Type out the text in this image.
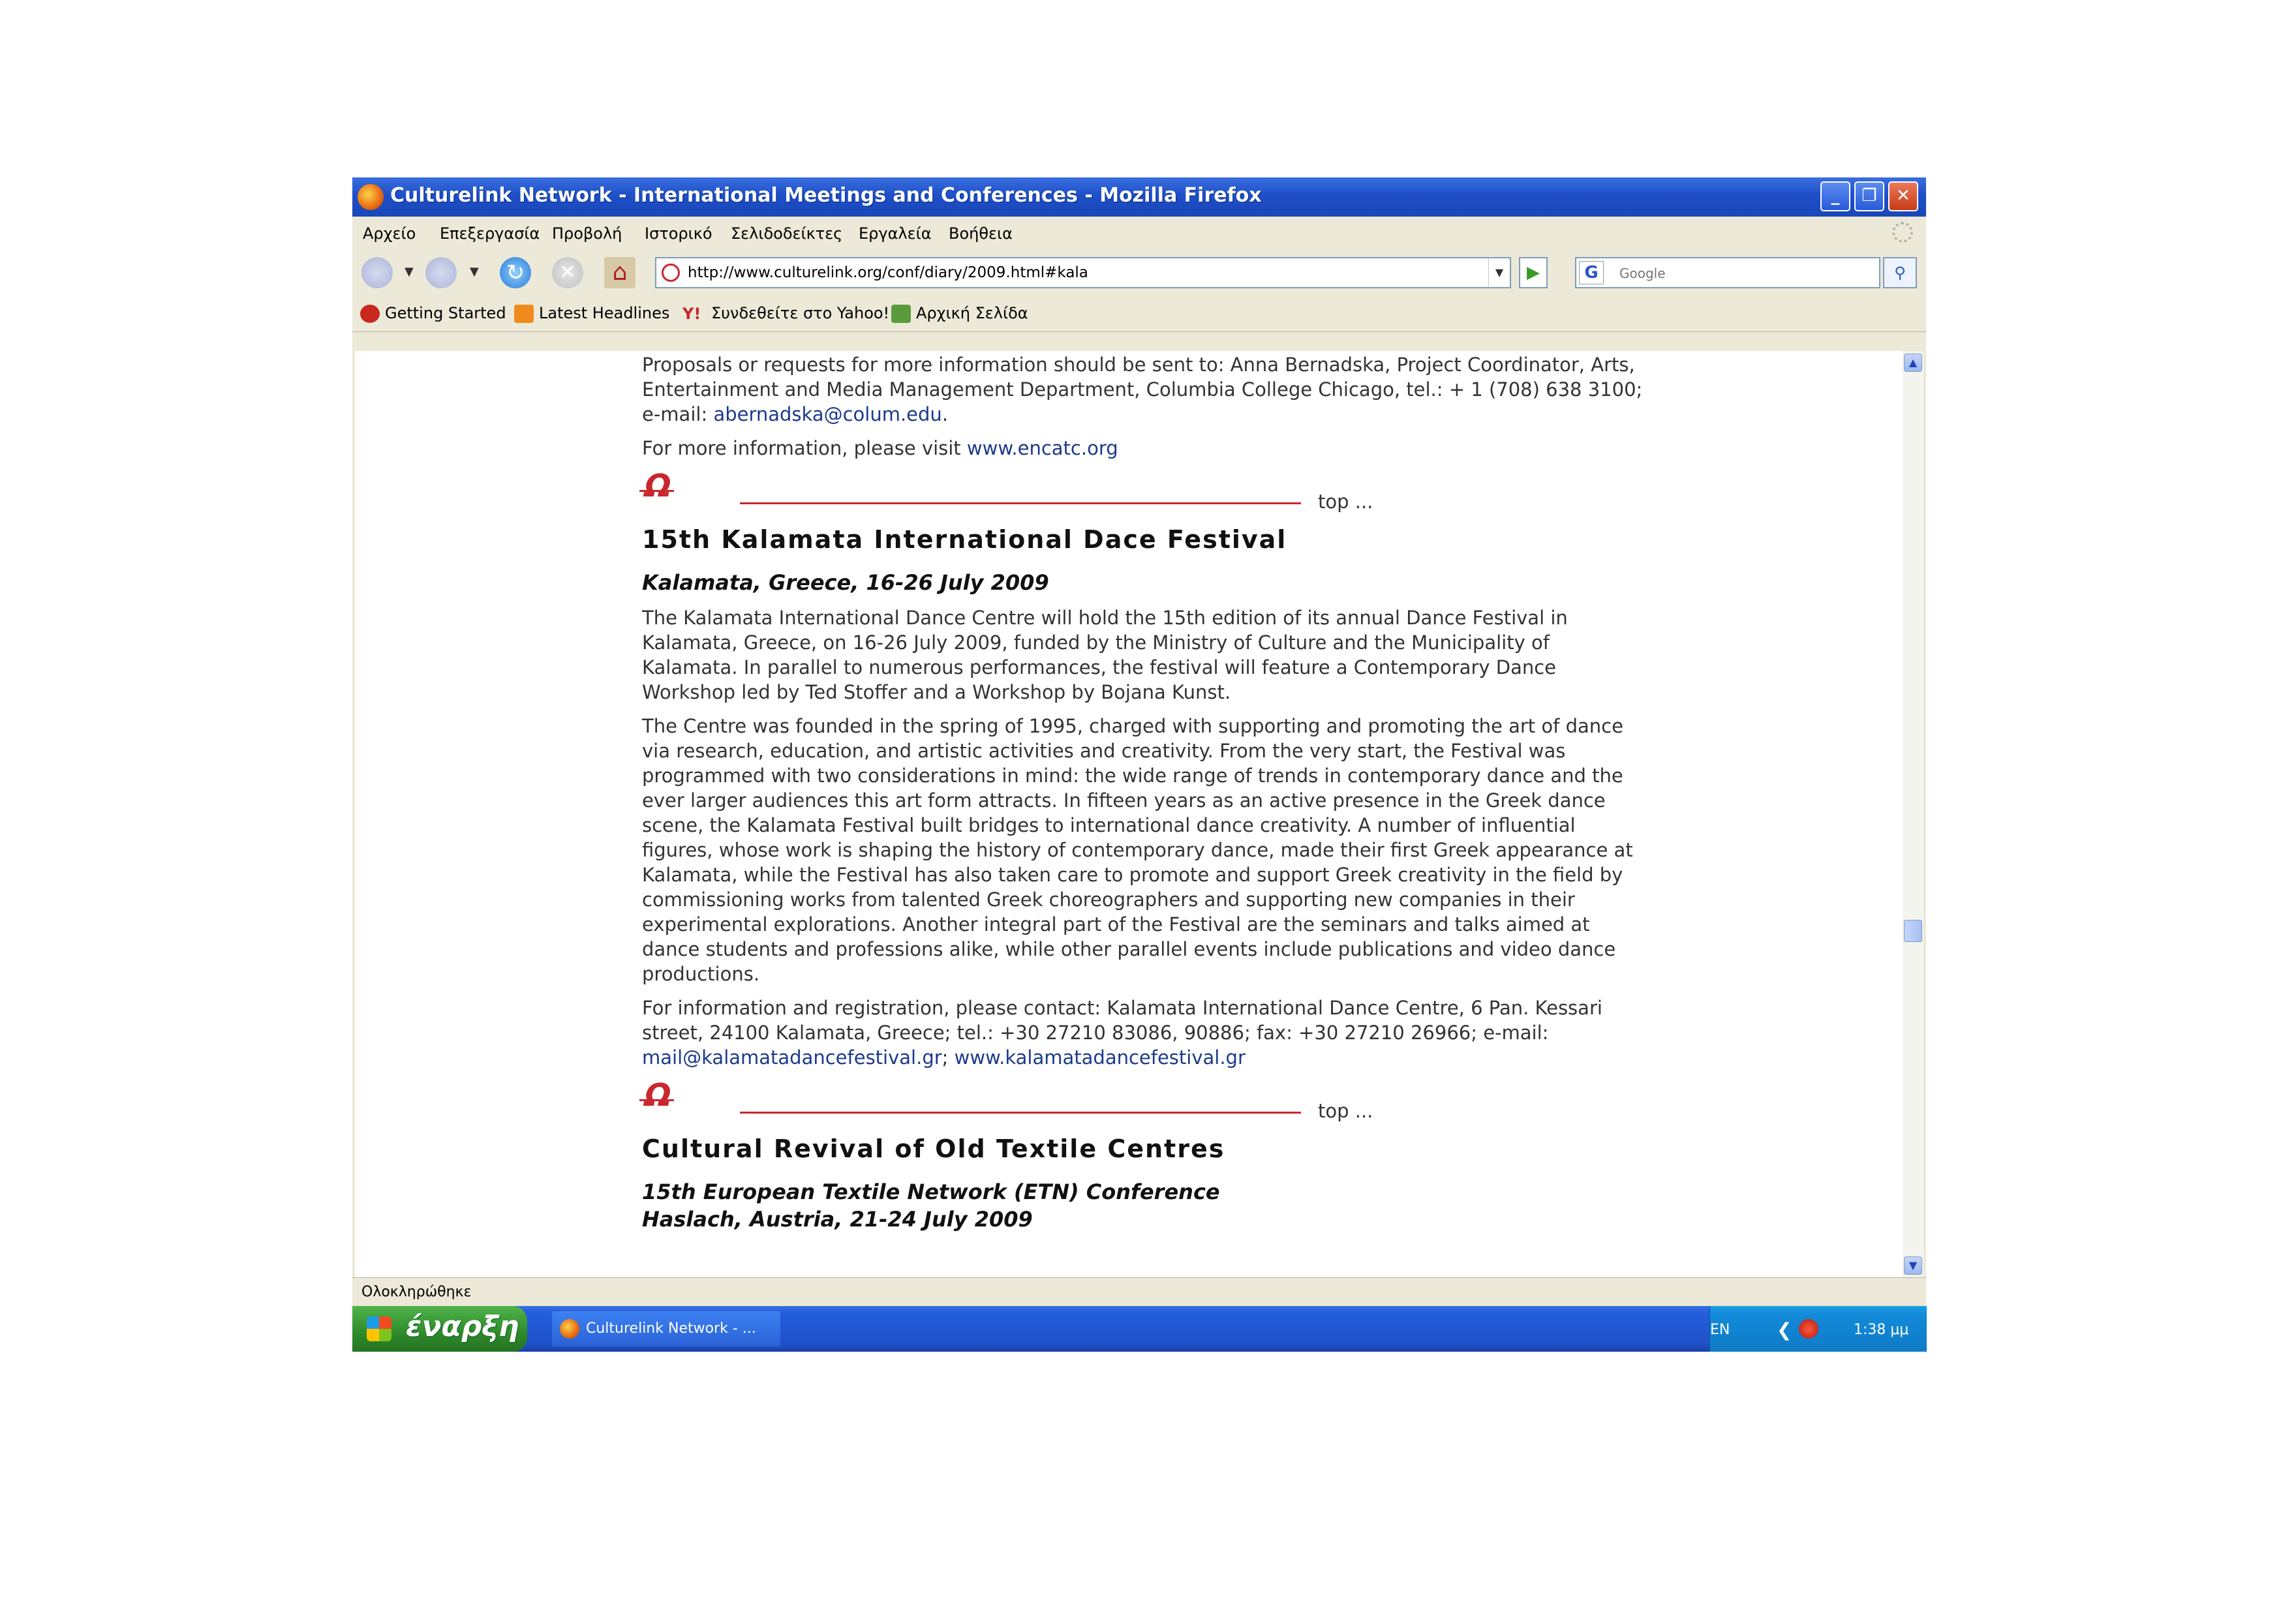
Culturelink Network - International Meetings and Conferences - Mozilla Firefox	_	❐	✕
Αρχείο Επεξεργασία Προβολή Ιστορικό Σελιδοδείκτες Εργαλεία Βοήθεια
▼	▼ ↻	✕	⌂	http://www.culturelink.org/conf/diary/2009.html#kala	▼	▶	G
Google	⚲
Getting Started	Latest Headlines Y! Συνδεθείτε στο Yahoo!	Αρχική Σελίδα

Proposals or requests for more information should be sent to: Anna Bernadska, Project Coordinator, Arts, Entertainment and Media Management Department, Columbia College Chicago, tel.: + 1 (708) 638 3100; e-mail: abernadska@colum.edu.

For more information, please visit www.encatc.org

Ω	top ...
15th Kalamata International Dace Festival
Kalamata, Greece, 16-26 July 2009

The Kalamata International Dance Centre will hold the 15th edition of its annual Dance Festival in Kalamata, Greece, on 16-26 July 2009, funded by the Ministry of Culture and the Municipality of Kalamata. In parallel to numerous performances, the festival will feature a Contemporary Dance Workshop led by Ted Stoffer and a Workshop by Bojana Kunst.

The Centre was founded in the spring of 1995, charged with supporting and promoting the art of dance via research, education, and artistic activities and creativity. From the very start, the Festival was programmed with two considerations in mind: the wide range of trends in contemporary dance and the ever larger audiences this art form attracts. In fifteen years as an active presence in the Greek dance scene, the Kalamata Festival built bridges to international dance creativity. A number of influential figures, whose work is shaping the history of contemporary dance, made their first Greek appearance at Kalamata, while the Festival has also taken care to promote and support Greek creativity in the field by commissioning works from talented Greek choreographers and supporting new companies in their experimental explorations. Another integral part of the Festival are the seminars and talks aimed at dance students and professions alike, while other parallel events include publications and video dance productions.

For information and registration, please contact: Kalamata International Dance Centre, 6 Pan. Kessari street, 24100 Kalamata, Greece; tel.: +30 27210 83086, 90886; fax: +30 27210 26966; e-mail: mail@kalamatadancefestival.gr; www.kalamatadancefestival.gr

Ω	top ...
Cultural Revival of Old Textile Centres
15th European Textile Network (ETN) Conference
Haslach, Austria, 21-24 July 2009
▲
▼
Ολοκληρώθηκε
έναρξη	Culturelink Network - ...	EN	❮	1:38 μμ
